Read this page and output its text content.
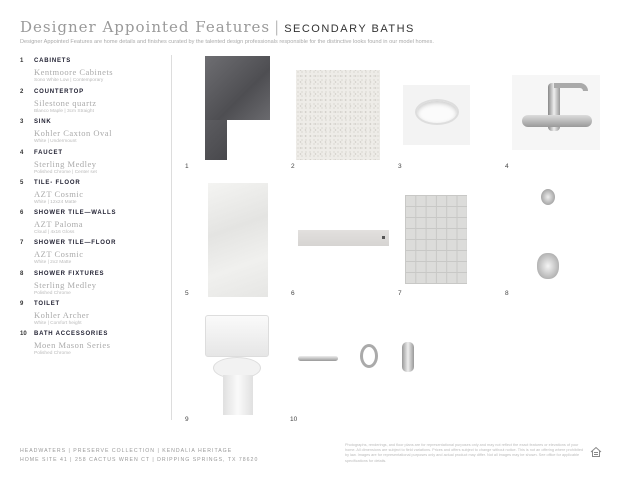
Designer Appointed Features | SECONDARY BATHS
Designer Appointed Features are home details and finishes curated by the talented design professionals responsible for the distinctive looks found in our model homes.
1 CABINETS
Kentmoore Cabinets
Sono White Low | Contemporary
2 COUNTERTOP
Silestone quartz
Blanco Maple | 3cm Straight
3 SINK
Kohler Caxton Oval
White | Undermount
4 FAUCET
Sterling Medley
Polished Chrome | Center set
5 TILE- FLOOR
AZT Cosmic
White | 12x24 Matte
6 SHOWER TILE—WALLS
AZT Paloma
Cloud | 4x16 Gloss
7 SHOWER TILE—FLOOR
AZT Cosmic
White | 2x2 Matte
8 SHOWER FIXTURES
Sterling Medley
Polished Chrome
9 TOILET
Kohler Archer
White | Comfort height
10 BATH ACCESSORIES
Moen Mason Series
Polished Chrome
1	2	3	4
5	6	7	8
9	10
HEADWATERS | PRESERVE COLLECTION | KENDALIA HERITAGE
HOME SITE 41 | 258 CACTUS WREN CT | DRIPPING SPRINGS, TX 78620
Photographs, renderings, and floor plans are for representational purposes only and may not reflect the exact features or elevations of your home. All dimensions are subject to field variations. Prices and offers subject to change without notice. This is not an offering where prohibited by law. Images are for representational purposes only and actual product may differ. Not all images may be shown. See office for applicable specifications for details.
